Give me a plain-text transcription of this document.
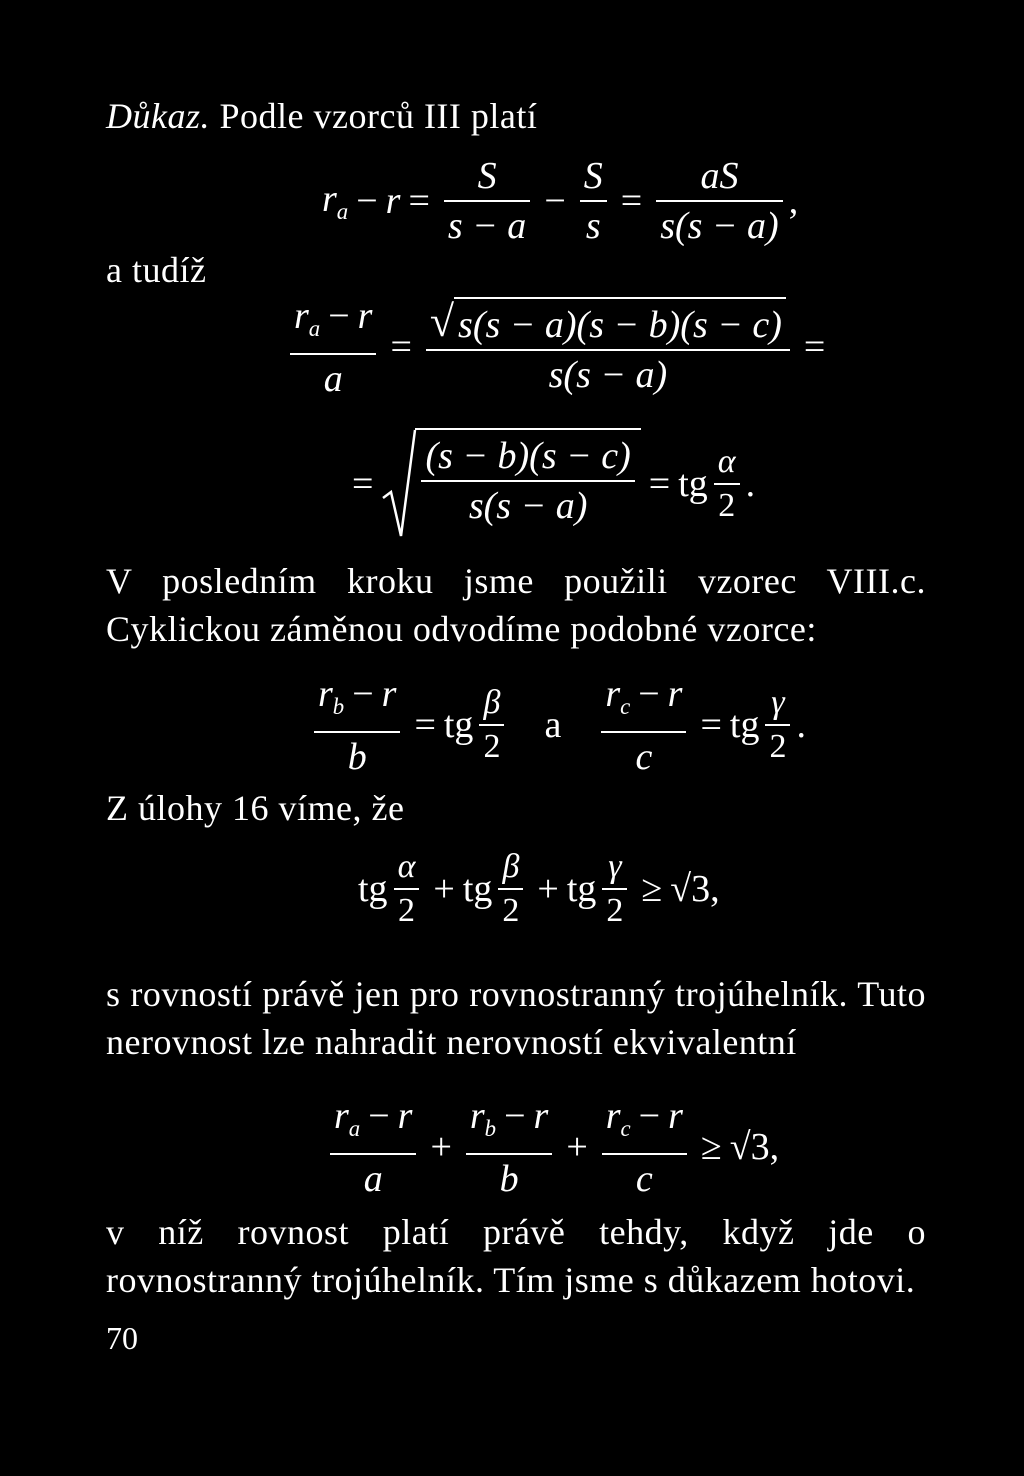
Důkaz. Podle vzorců III platí
$r_a - r = \frac{S}{s - a} - \frac{S}{s} = \frac{aS}{s(s - a)}$ ,
a tudíž
$\frac{r_a - r}{a} = \frac{√ s(s - a)(s - b)(s - c)}{s(s - a)}$ =
= $\frac{(s - b)(s - c)}{s(s - a)}$ = tg $\frac{\alpha}{2}$ .
V posledním kroku jsme použili vzorec VIII.c. Cyklickou záměnou odvodíme podobné vzorce:
$\frac{r_b - r}{b}$ = tg $\frac{\beta}{2}$ a $\frac{r_c - r}{c}$ = tg $\frac{\gamma}{2}$ .
Z úlohy 16 víme, že
tg $\frac{\alpha}{2}$ + tg $\frac{\beta}{2}$ + tg $\frac{\gamma}{2} \ge √3$ ,
s rovností právě jen pro rovnostranný trojúhelník. Tuto nerovnost lze nahradit nerovností ekvivalentní
$\frac{r_a - r}{a} + \frac{r_b - r}{b} + \frac{r_c - r}{c} \ge √3$ ,
v níž rovnost platí právě tehdy, když jde o rovnostranný trojúhelník. Tím jsme s důkazem hotovi.
70
